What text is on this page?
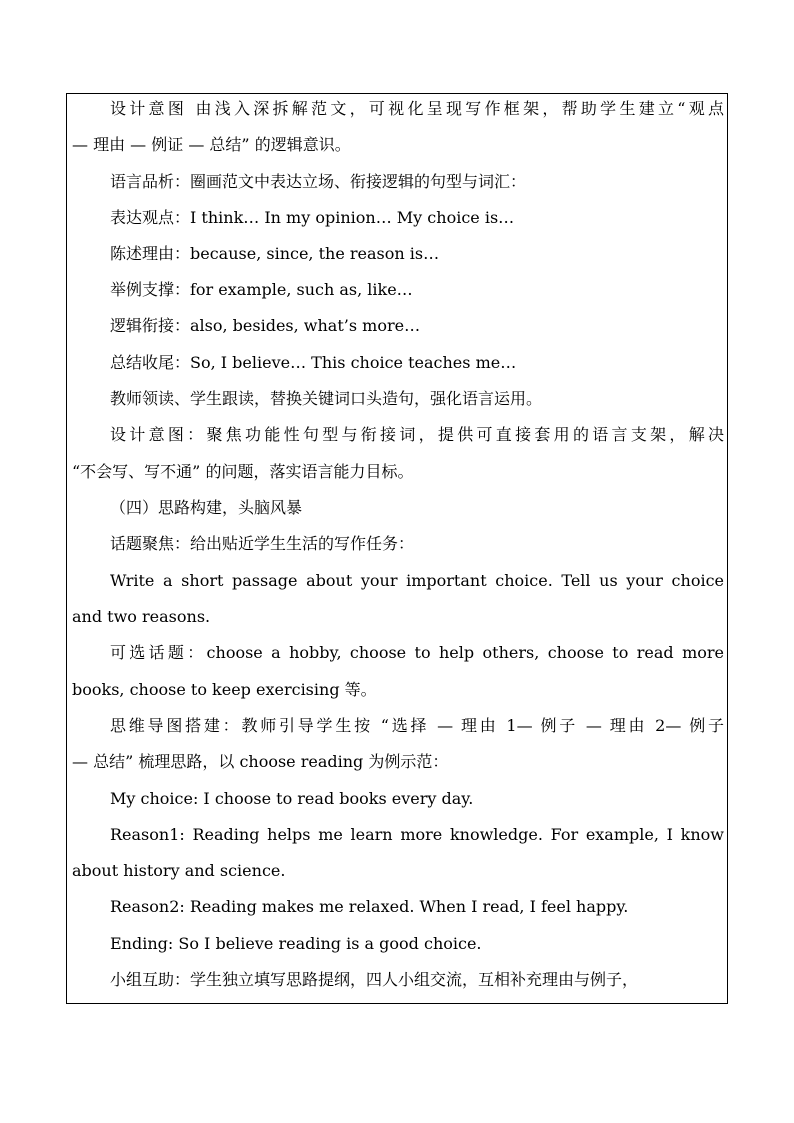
设计意图 由浅入深拆解范文，可视化呈现写作框架，帮助学生建立“观点
— 理由 — 例证 — 总结” 的逻辑意识。
语言品析：圈画范文中表达立场、衔接逻辑的句型与词汇：
表达观点：I think… In my opinion… My choice is…
陈述理由：because, since, the reason is…
举例支撑：for example, such as, like…
逻辑衔接：also, besides, what’s more…
总结收尾：So, I believe… This choice teaches me…
教师领读、学生跟读，替换关键词口头造句，强化语言运用。
设计意图：聚焦功能性句型与衔接词，提供可直接套用的语言支架，解决
“不会写、写不通” 的问题，落实语言能力目标。
（四）思路构建，头脑风暴
话题聚焦：给出贴近学生生活的写作任务：
Write a short passage about your important choice. Tell us your choice
and two reasons.
可选话题：choose a hobby, choose to help others, choose to read more
books, choose to keep exercising 等。
思维导图搭建：教师引导学生按 “选择 — 理由 1— 例子 — 理由 2— 例子
— 总结” 梳理思路，以 choose reading 为例示范：
My choice: I choose to read books every day.
Reason1: Reading helps me learn more knowledge. For example, I know
about history and science.
Reason2: Reading makes me relaxed. When I read, I feel happy.
Ending: So I believe reading is a good choice.
小组互助：学生独立填写思路提纲，四人小组交流，互相补充理由与例子，
